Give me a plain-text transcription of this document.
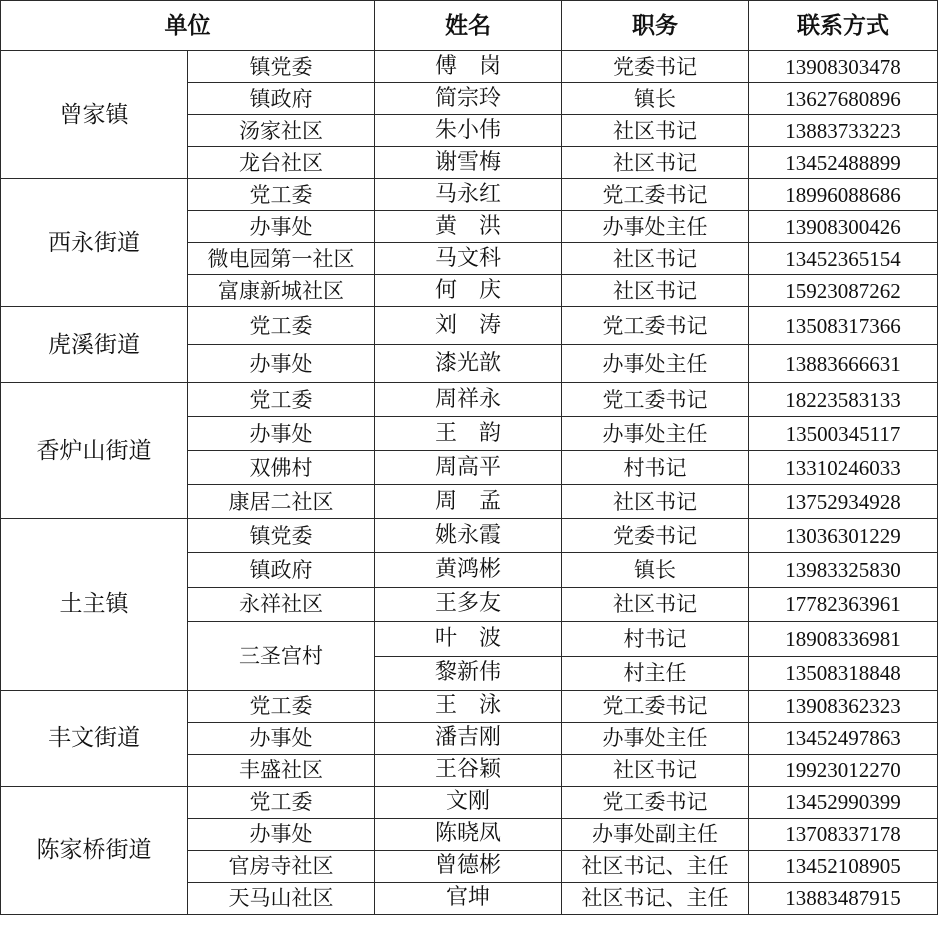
单位		姓名	职务	联系方式
曾家镇	镇党委	傅　岗	党委书记	13908303478
	镇政府	简宗玲	镇长	13627680896
	汤家社区	朱小伟	社区书记	13883733223
	龙台社区	谢雪梅	社区书记	13452488899
西永街道	党工委	马永红	党工委书记	18996088686
	办事处	黄　洪	办事处主任	13908300426
	微电园第一社区	马文科	社区书记	13452365154
	富康新城社区	何　庆	社区书记	15923087262
虎溪街道	党工委	刘　涛	党工委书记	13508317366
	办事处	漆光歆	办事处主任	13883666631
香炉山街道	党工委	周祥永	党工委书记	18223583133
	办事处	王　韵	办事处主任	13500345117
	双佛村	周高平	村书记	13310246033
	康居二社区	周　孟	社区书记	13752934928
土主镇	镇党委	姚永霞	党委书记	13036301229
	镇政府	黄鸿彬	镇长	13983325830
	永祥社区	王多友	社区书记	17782363961
	三圣宫村	叶　波	村书记	18908336981
		黎新伟	村主任	13508318848
丰文街道	党工委	王　泳	党工委书记	13908362323
	办事处	潘吉刚	办事处主任	13452497863
	丰盛社区	王谷颖	社区书记	19923012270
陈家桥街道	党工委	文刚	党工委书记	13452990399
	办事处	陈晓凤	办事处副主任	13708337178
	官房寺社区	曾德彬	社区书记、主任	13452108905
	天马山社区	官坤	社区书记、主任	13883487915
